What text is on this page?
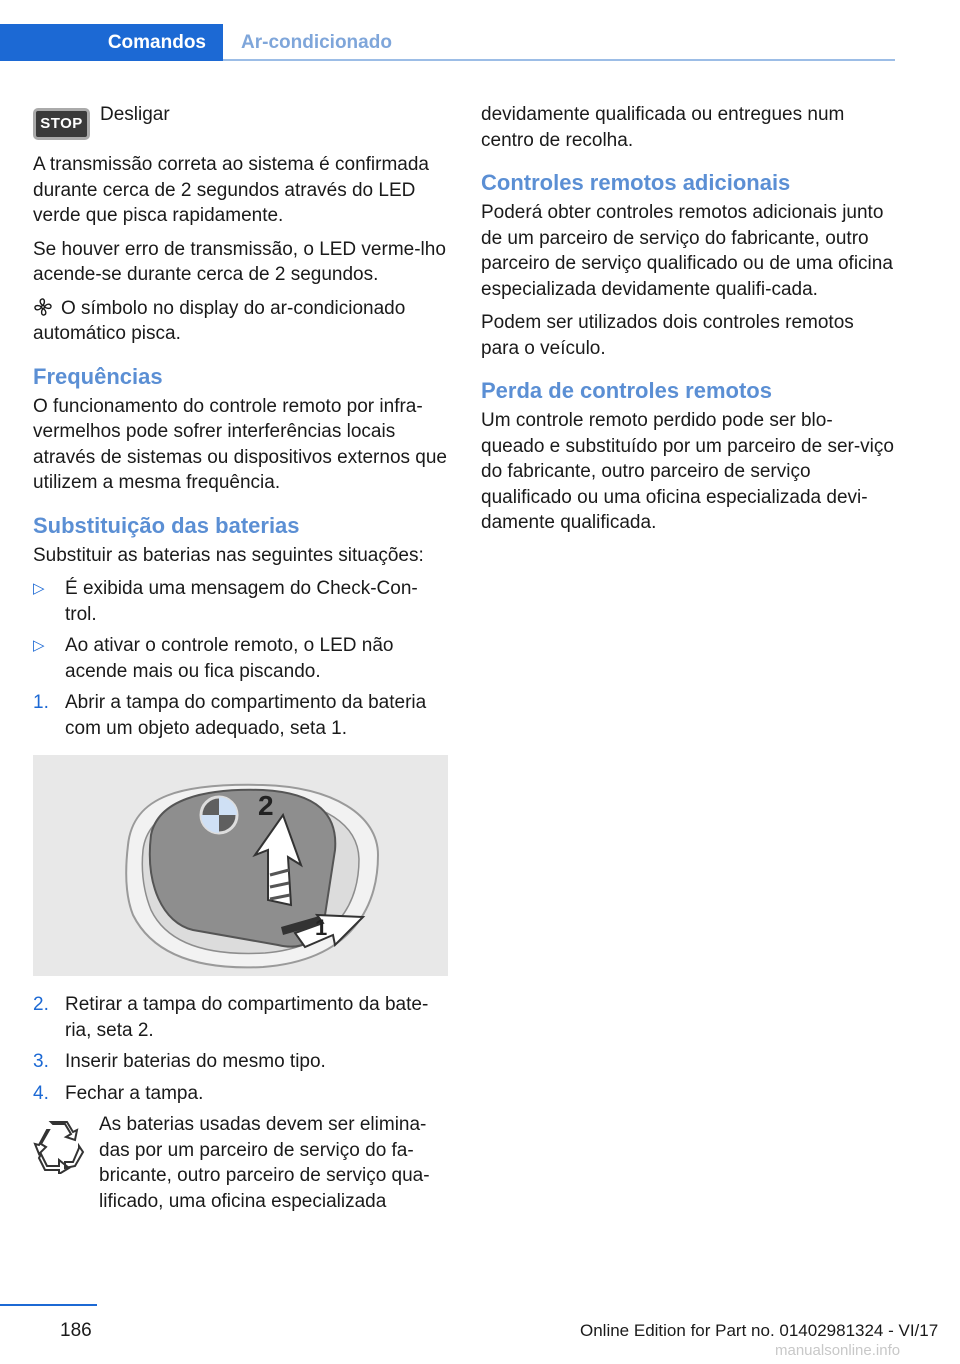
Comandos Ar-condicionado
STOP Desligar

A transmissão correta ao sistema é confirmada durante cerca de 2 segundos através do LED verde que pisca rapidamente.

Se houver erro de transmissão, o LED verme‐lho acende-se durante cerca de 2 segundos.

O símbolo no display do ar-condicionado automático pisca.

Frequências

O funcionamento do controle remoto por infra‐vermelhos pode sofrer interferências locais através de sistemas ou dispositivos externos que utilizem a mesma frequência.

Substituição das baterias

Substituir as baterias nas seguintes situações:

▷	É exibida uma mensagem do Check-Con‐trol.
▷	Ao ativar o controle remoto, o LED não acende mais ou fica piscando.
1. Abrir a tampa do compartimento da bateria com um objeto adequado, seta 1.
2
1
2. Retirar a tampa do compartimento da bate‐ria, seta 2.
3. Inserir baterias do mesmo tipo.
4. Fechar a tampa.

As baterias usadas devem ser elimina‐das por um parceiro de serviço do fa‐bricante, outro parceiro de serviço qua‐lificado, uma oficina especializada

devidamente qualificada ou entregues num centro de recolha.

Controles remotos adicionais

Poderá obter controles remotos adicionais junto de um parceiro de serviço do fabricante, outro parceiro de serviço qualificado ou de uma oficina especializada devidamente qualifi‐cada.

Podem ser utilizados dois controles remotos para o veículo.

Perda de controles remotos

Um controle remoto perdido pode ser blo‐queado e substituído por um parceiro de ser‐viço do fabricante, outro parceiro de serviço qualificado ou uma oficina especializada devi‐damente qualificada.

186	Online Edition for Part no. 01402981324 - VI/17
manualsonline.info
